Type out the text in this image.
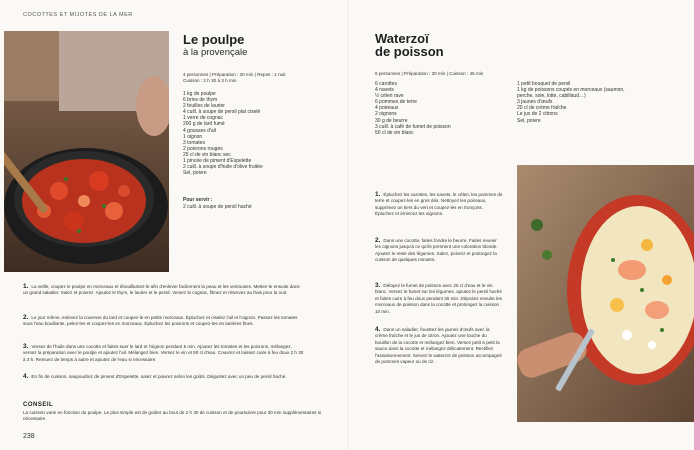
COCOTTES ET MIJOTÉS DE LA MER
Le poulpe
à la provençale
4 personnes | Préparation : 20 min | Repos : 1 nuit
Cuisson : 2 h 30 à 3 h min
1 kg de poulpe
6 brins de thym
2 feuilles de laurier
4 cuill. à soupe de persil plat ciselé
1 verre de cognac
200 g de lard fumé
4 gousses d'ail
1 oignon
3 tomates
2 poivrons rouges
25 cl de vin blanc sec
1 pincée de piment d'Espelette
2 cuill. à soupe d'huile d'olive fruitée
Sel, poivre
Pour servir :
2 cuill. à soupe de persil haché
1. La veille, coupez le poulpe en morceaux et ébouillantez-le afin d'enlever facilement la peau et les ventouses. Mettez-le ensuite dans un grand saladier. Salez et poivrez. Ajoutez le thym, le laurier et le persil. Versez le cognac, filmez et réservez au frais pour la nuit.
2. Le jour même, enlevez la couenne du lard et coupez-le en petits morceaux. Épluchez et ciselez l'ail et l'oignon. Passez les tomates sous l'eau bouillante, pelez-les et coupez-les en morceaux. Épluchez les poivrons et coupez-les en lanières fines.
3. Versez de l'huile dans une cocotte et faites suer le lard et l'oignon pendant 5 min. Ajoutez les tomates et les poivrons, mélangez, versez la préparation avec le poulpe et ajoutez l'ail. Mélangez bien. Versez le vin et 50 cl d'eau. Couvrez et laissez cuire à feu doux 2 h 30 à 3 h. Remuez de temps à autre et ajoutez de l'eau si nécessaire.
4. En fin de cuisson, saupoudrez de piment d'Espelette, salez et poivrez selon les goûts. Dégustez avec un peu de persil haché.
CONSEIL
La cuisson varie en fonction du poulpe. Le plus simple est de goûter au bout de 2 h 30 de cuisson et de poursuivre pour 30 min supplémentaires si nécessaire.
238
Waterzoï
de poisson
6 personnes | Préparation : 30 min | Cuisson : 45 min
6 carottes
4 navets
½ céleri rave
6 pommes de terre
4 poireaux
2 oignons
30 g de beurre
3 cuill. à café de fumet de poisson
50 cl de vin blanc
1 petit bouquet de persil
1 kg de poissons coupés en morceaux (saumon,
perche, sole, lotte, cabillaud…)
3 jaunes d'œufs
20 cl de crème fraîche
Le jus de 2 citrons
Sel, poivre
1. Épluchez les carottes, les navets, le céleri, les pommes de terre et coupez-les en gros dés. Nettoyez les poireaux, supprimez un tiers du vert et coupez-les en tronçons. Épluchez et émincez les oignons.
2. Dans une cocotte, faites fondre le beurre. Faites revenir les oignons jusqu'à ce qu'ils prennent une coloration blonde. Ajoutez le reste des légumes. Salez, poivrez et prolongez la cuisson de quelques minutes.
3. Délayez le fumet de poisson avec 25 cl d'eau et le vin blanc. Versez le fumet sur les légumes, ajoutez le persil haché et faites cuire à feu doux pendant 30 min. Déposez ensuite les morceaux de poisson dans la cocotte et prolongez la cuisson 10 min.
4. Dans un saladier, fouettez les jaunes d'œufs avec la crème fraîche et le jus de citron. Ajoutez une louche du bouillon de la cocotte et mélangez bien. Versez petit à petit la sauce dans la cocotte et mélangez délicatement. Rectifiez l'assaisonnement. Servez le waterzoï de poisson accompagné de pommes vapeur ou de riz.
